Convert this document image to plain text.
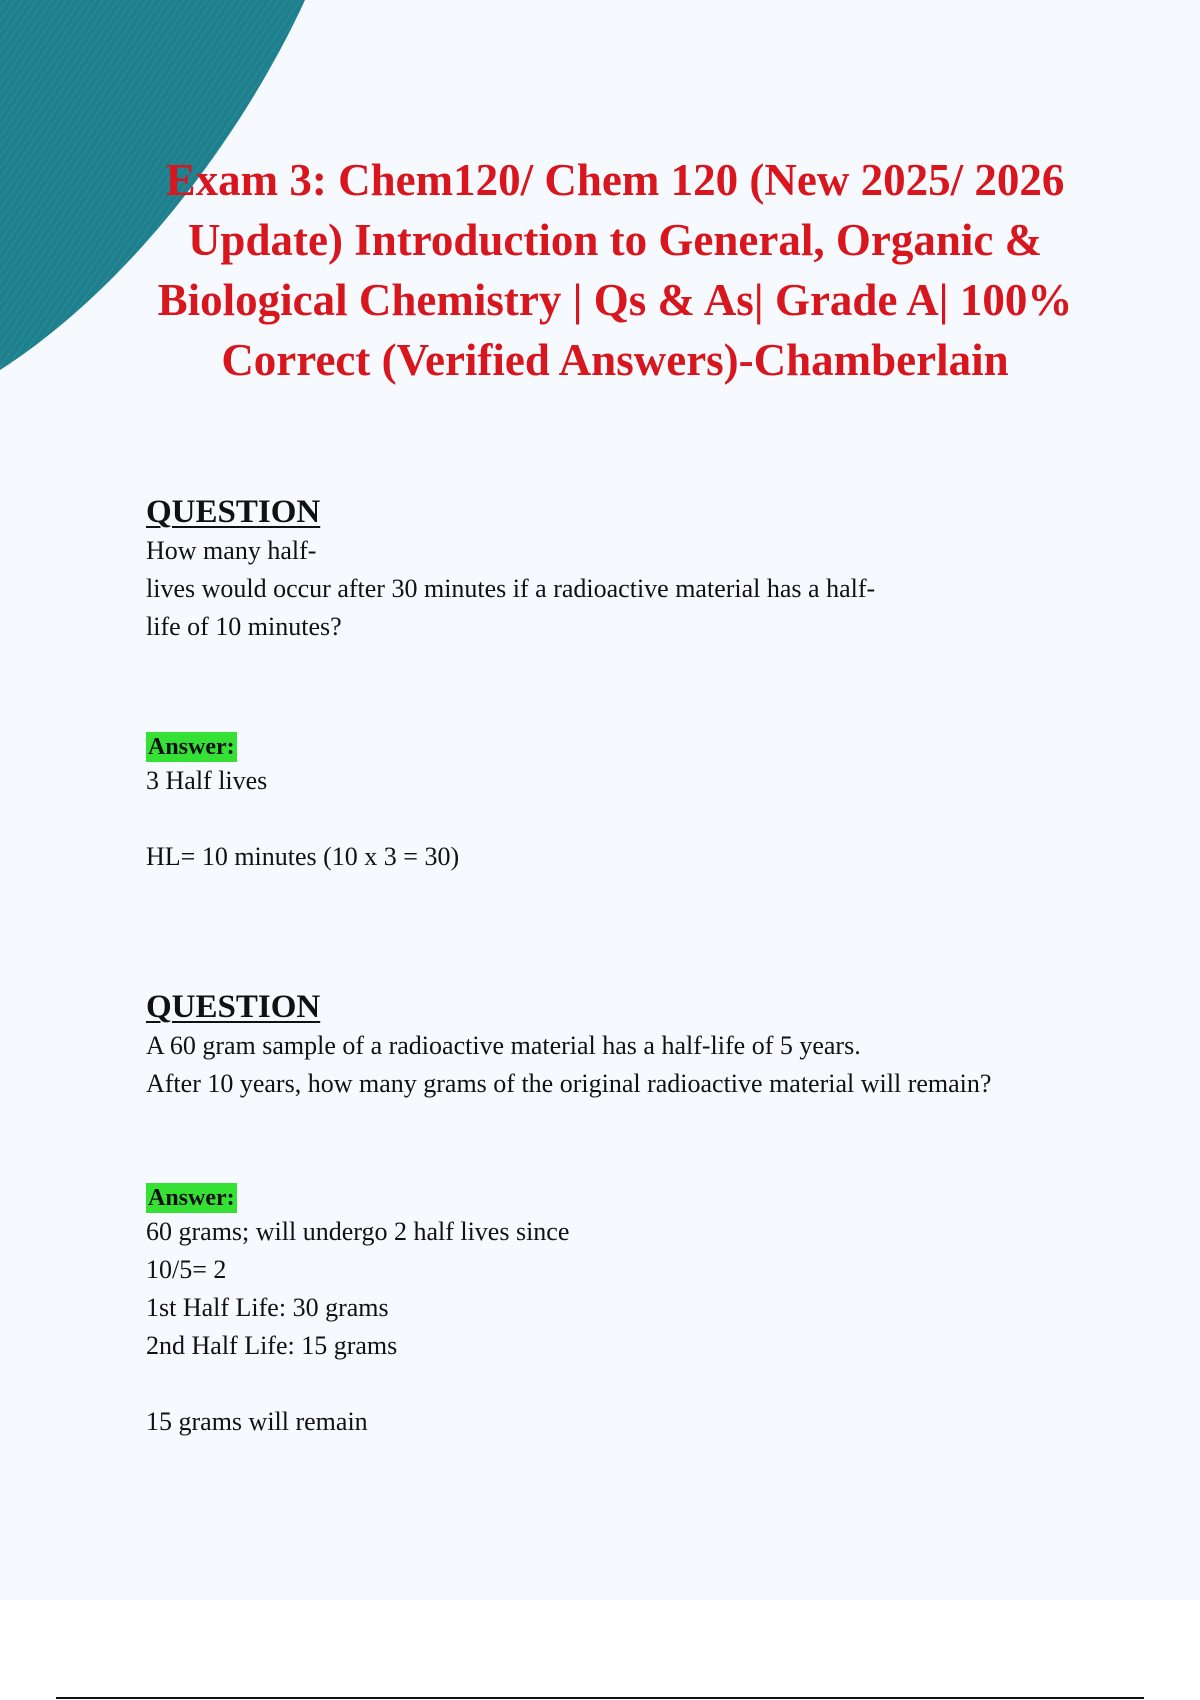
Exam 3: Chem120/ Chem 120 (New 2025/ 2026 Update) Introduction to General, Organic & Biological Chemistry | Qs & As| Grade A| 100% Correct (Verified Answers)-Chamberlain
QUESTION

How many half-

lives would occur after 30 minutes if a radioactive material has a half-

life of 10 minutes?

Answer:

3 Half lives

HL= 10 minutes (10 x 3 = 30)

QUESTION

A 60 gram sample of a radioactive material has a half-life of 5 years.

After 10 years, how many grams of the original radioactive material will remain?

Answer:

60 grams; will undergo 2 half lives since

10/5= 2

1st Half Life: 30 grams

2nd Half Life: 15 grams

15 grams will remain
